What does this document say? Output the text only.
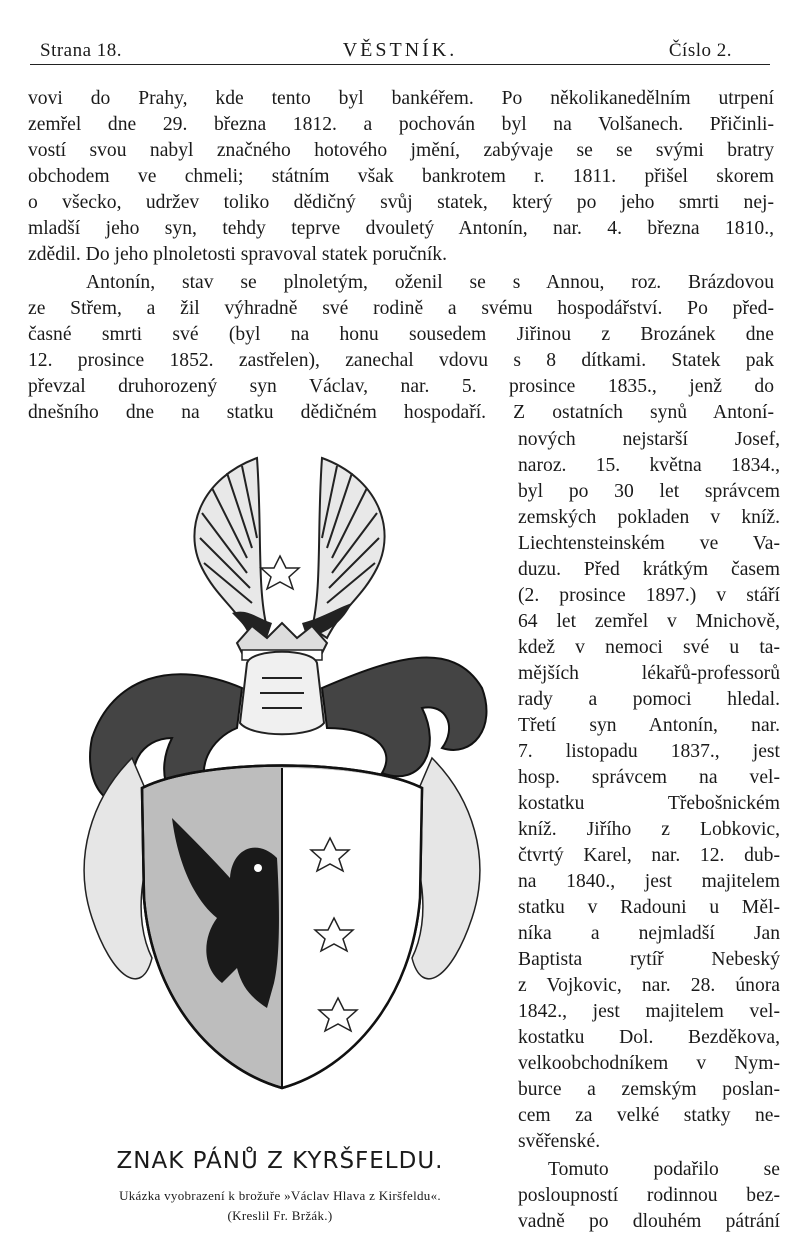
Strana 18.	VĚSTNÍK.	Číslo 2.
vovi do Prahy, kde tento byl bankéřem. Po několikanedělním utrpení
zemřel dne 29. března 1812. a pochován byl na Volšanech. Přičinli-
vostí svou nabyl značného hotového jmění, zabývaje se se svými bratry
obchodem ve chmeli; státním však bankrotem r. 1811. přišel skorem
o všecko, udržev toliko dědičný svůj statek, který po jeho smrti nej-
mladší jeho syn, tehdy teprve dvouletý Antonín, nar. 4. března 1810.,
zdědil. Do jeho plnoletosti spravoval statek poručník.
Antonín, stav se plnoletým, oženil se s Annou, roz. Brázdovou
ze Střem, a žil výhradně své rodině a svému hospodářství. Po před-
časné smrti své (byl na honu sousedem Jiřinou z Brozánek dne
12. prosince 1852. zastřelen), zanechal vdovu s 8 dítkami. Statek pak
převzal druhorozený syn Václav, nar. 5. prosince 1835., jenž do
dnešního dne na statku dědičném hospodaří. Z ostatních synů Antoní-
nových nejstarší Josef,
naroz. 15. května 1834.,
byl po 30 let správcem
zemských pokladen v kníž.
Liechtensteinském ve Va-
duzu. Před krátkým časem
(2. prosince 1897.) v stáří
64 let zemřel v Mnichově,
kdež v nemoci své u ta-
mějších lékařů-professorů
rady a pomoci hledal.
Třetí syn Antonín, nar.
7. listopadu 1837., jest
hosp. správcem na vel-
kostatku Třebošnickém
kníž. Jiřího z Lobkovic,
čtvrtý Karel, nar. 12. dub-
na 1840., jest majitelem
statku v Radouni u Měl-
níka a nejmladší Jan
Baptista rytíř Nebeský
z Vojkovic, nar. 28. února
1842., jest majitelem vel-
kostatku Dol. Bezděkova,
velkoobchodníkem v Nym-
burce a zemským poslan-
cem za velké statky ne-
svěřenské.
Tomuto podařilo se
posloupností rodinnou bez-
vadně po dlouhém pátrání
ZNAK PÁNŮ Z KYRŠFELDU.
Ukázka vyobrazení k brožuře »Václav Hlava z Kiršfeldu«.
(Kreslil Fr. Bržák.)
